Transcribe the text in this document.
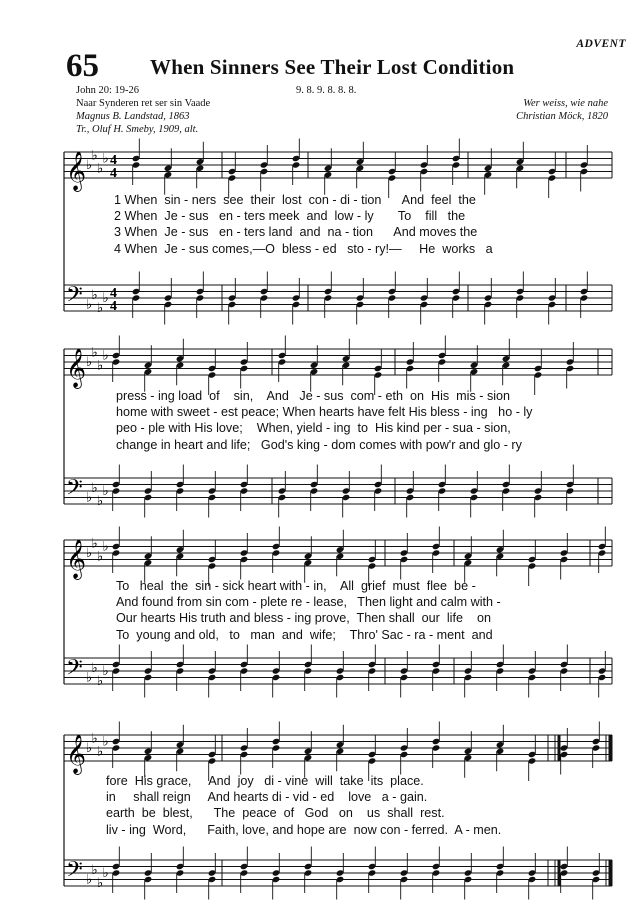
65 When Sinners See Their Lost Condition
ADVENT
John 20: 19-26	9. 8. 9. 8. 8. 8.
Naar Synderen ret ser sin Vaade
Magnus B. Landstad, 1863
Tr., Oluf H. Smeby, 1909, alt.
Wer weiss, wie nahe
Christian Möck, 1820
𝄞
𝄢
♭
♭
♭
♭
♭
♭
♭
♭
4
4
4
4
𝄞
𝄢
♭
♭
♭
♭
♭
♭
♭
♭
𝄞
𝄢
♭
♭
♭
♭
♭
♭
♭
♭
𝄞
𝄢
♭
♭
♭
♭
♭
♭
♭
♭
1 When  sin - ners  see  their  lost  con - di - tion      And  feel  the
2 When  Je - sus   en - ters meek  and  low - ly       To    fill   the
3 When  Je - sus   en - ters land  and  na - tion      And moves the
4 When  Je - sus comes,—O  bless - ed   sto - ry!—     He  works   a
press - ing load  of    sin,    And   Je - sus  com - eth  on  His  mis - sion
home with sweet - est peace; When hearts have felt His bless - ing   ho - ly
peo - ple with His love;    When, yield - ing  to  His kind per - sua - sion,
change in heart and life;   God's king - dom comes with pow'r and glo - ry
To   heal  the  sin - sick heart with - in,    All  grief  must  flee  be -
And found from sin com - plete re - lease,   Then light and calm with -
Our hearts His truth and bless - ing prove,  Then shall  our  life    on
To  young and old,   to   man  and  wife;    Thro' Sac - ra - ment  and
fore  His grace,     And  joy   di - vine  will  take  its  place.
in     shall reign     And hearts di - vid - ed    love   a - gain.
earth  be  blest,      The  peace  of   God   on    us  shall  rest.
liv - ing  Word,      Faith, love, and hope are  now con - ferred.  A - men.
